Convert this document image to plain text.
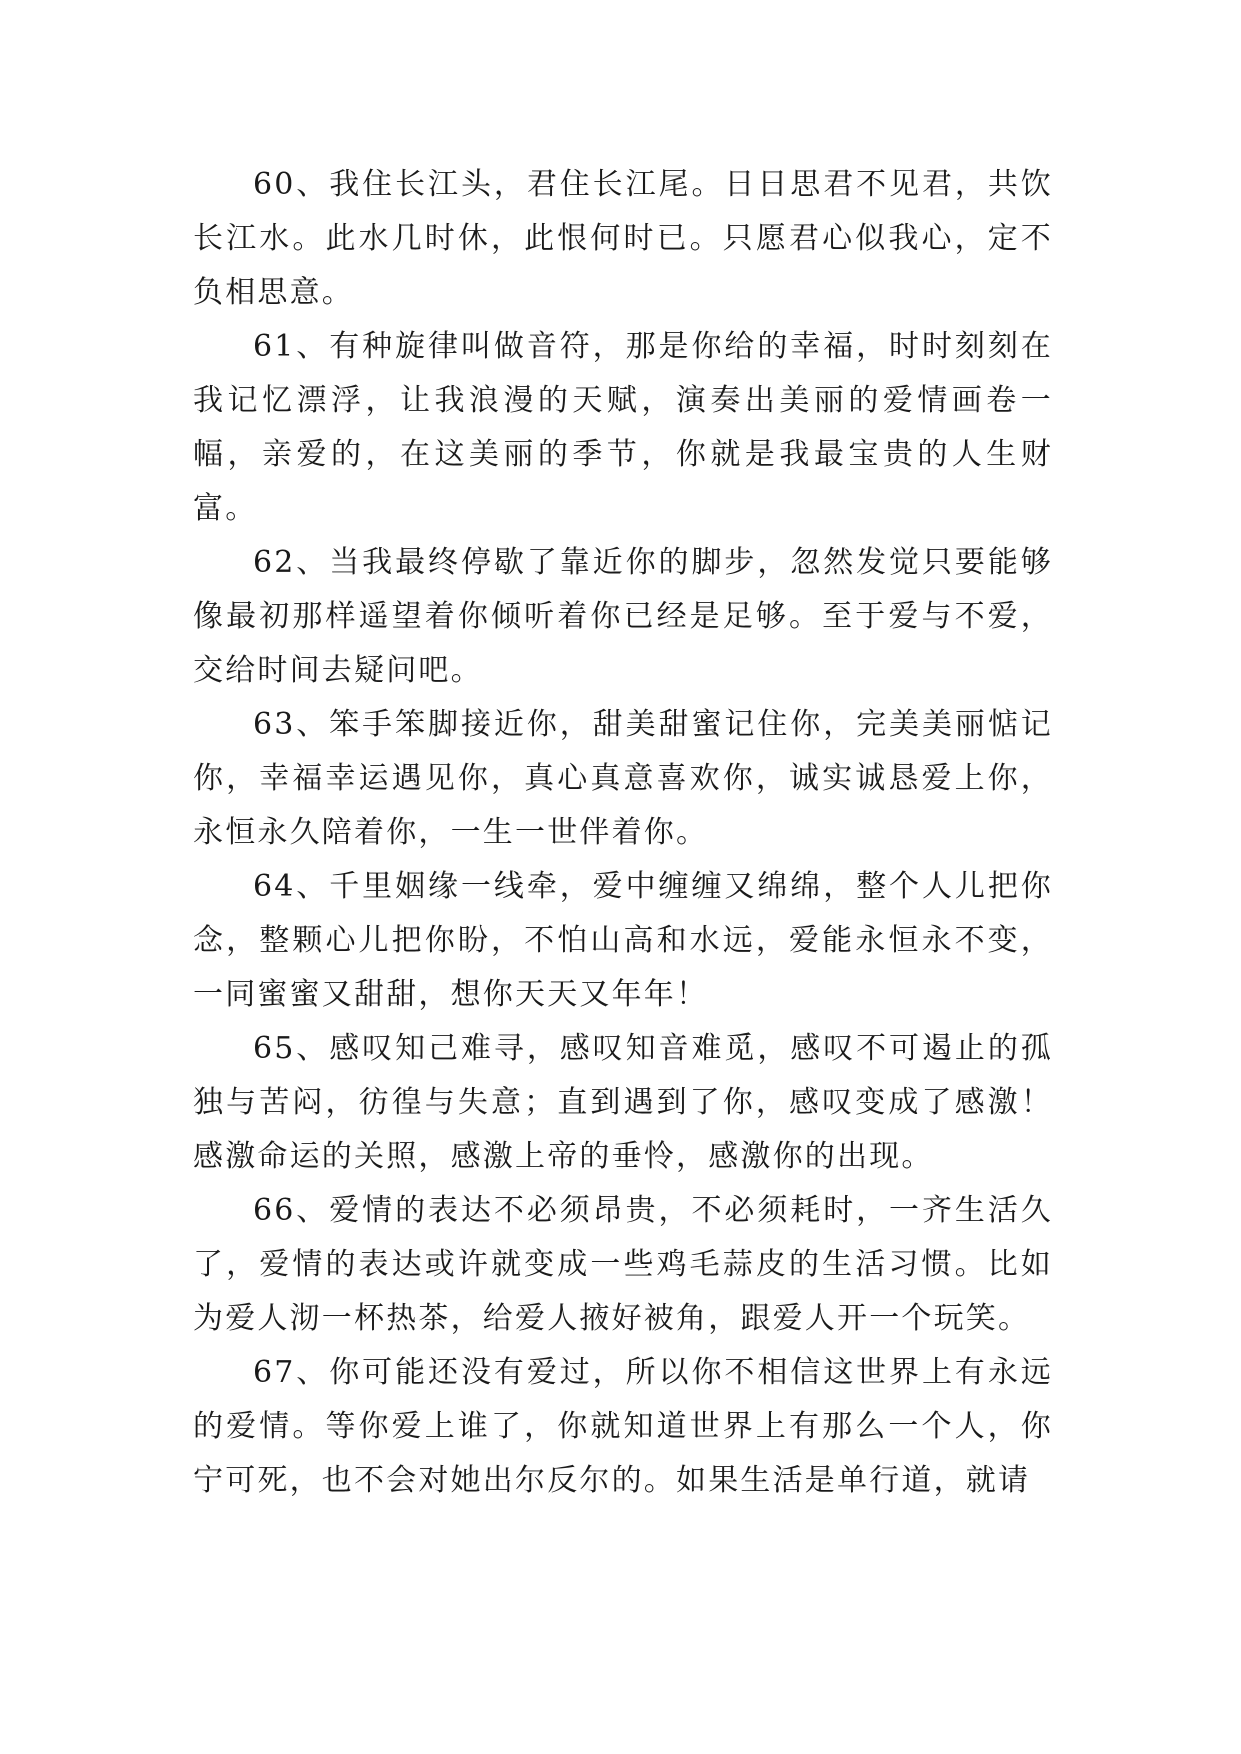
60、我住长江头，君住长江尾。日日思君不见君，共饮长江水。此水几时休，此恨何时已。只愿君心似我心，定不负相思意。

61、有种旋律叫做音符，那是你给的幸福，时时刻刻在我记忆漂浮，让我浪漫的天赋，演奏出美丽的爱情画卷一幅，亲爱的，在这美丽的季节，你就是我最宝贵的人生财富。

62、当我最终停歇了靠近你的脚步，忽然发觉只要能够像最初那样遥望着你倾听着你已经是足够。至于爱与不爱，交给时间去疑问吧。

63、笨手笨脚接近你，甜美甜蜜记住你，完美美丽惦记你，幸福幸运遇见你，真心真意喜欢你，诚实诚恳爱上你，永恒永久陪着你，一生一世伴着你。

64、千里姻缘一线牵，爱中缠缠又绵绵，整个人儿把你念，整颗心儿把你盼，不怕山高和水远，爱能永恒永不变，一同蜜蜜又甜甜，想你天天又年年！

65、感叹知己难寻，感叹知音难觅，感叹不可遏止的孤独与苦闷，彷徨与失意；直到遇到了你，感叹变成了感激！感激命运的关照，感激上帝的垂怜，感激你的出现。

66、爱情的表达不必须昂贵，不必须耗时，一齐生活久了，爱情的表达或许就变成一些鸡毛蒜皮的生活习惯。比如为爱人沏一杯热茶，给爱人掖好被角，跟爱人开一个玩笑。

67、你可能还没有爱过，所以你不相信这世界上有永远的爱情。等你爱上谁了，你就知道世界上有那么一个人，你宁可死，也不会对她出尔反尔的。如果生活是单行道，就请
